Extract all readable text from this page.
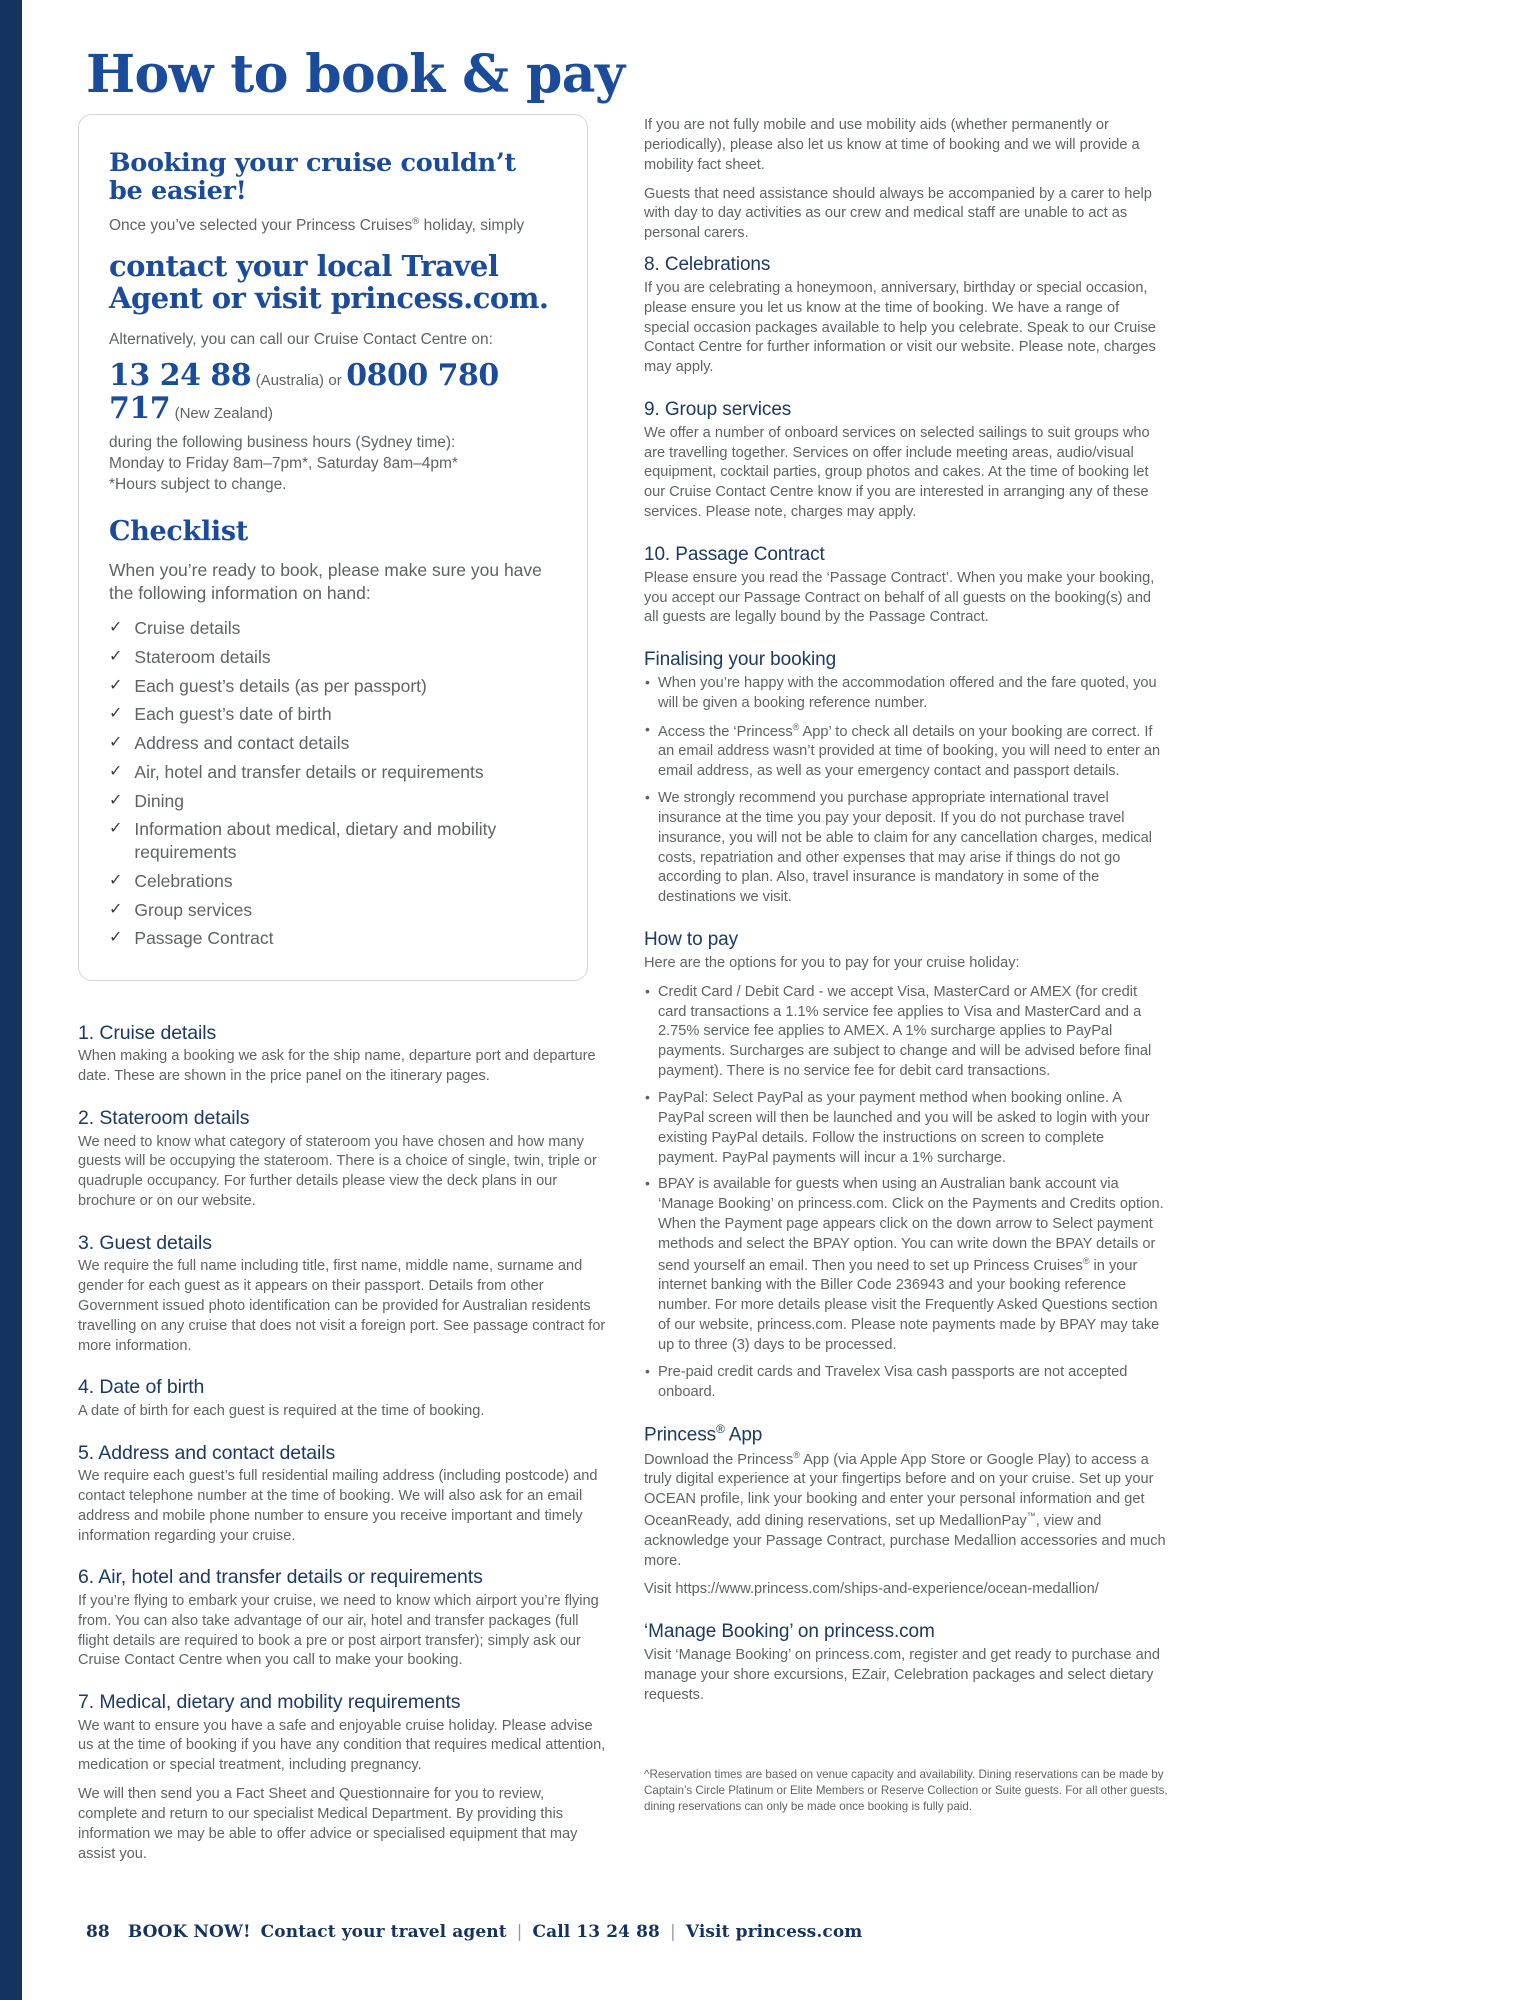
How to book & pay
Booking your cruise couldn’t be easier!

Once you’ve selected your Princess Cruises® holiday, simply

contact your local Travel Agent or visit princess.com.

Alternatively, you can call our Cruise Contact Centre on:

13 24 88 (Australia) or 0800 780 717 (New Zealand)
during the following business hours (Sydney time):
Monday to Friday 8am–7pm*, Saturday 8am–4pm*
*Hours subject to change.
Checklist

When you’re ready to book, please make sure you have the following information on hand:

✓ Cruise details
✓ Stateroom details
✓ Each guest’s details (as per passport)
✓ Each guest’s date of birth
✓ Address and contact details
✓ Air, hotel and transfer details or requirements
✓ Dining
✓ Information about medical, dietary and mobility requirements
✓ Celebrations
✓ Group services
✓ Passage Contract
1. Cruise details

When making a booking we ask for the ship name, departure port and departure date. These are shown in the price panel on the itinerary pages.

2. Stateroom details

We need to know what category of stateroom you have chosen and how many guests will be occupying the stateroom. There is a choice of single, twin, triple or quadruple occupancy. For further details please view the deck plans in our brochure or on our website.

3. Guest details

We require the full name including title, first name, middle name, surname and gender for each guest as it appears on their passport. Details from other Government issued photo identification can be provided for Australian residents travelling on any cruise that does not visit a foreign port. See passage contract for more information.

4. Date of birth

A date of birth for each guest is required at the time of booking.

5. Address and contact details

We require each guest’s full residential mailing address (including postcode) and contact telephone number at the time of booking. We will also ask for an email address and mobile phone number to ensure you receive important and timely information regarding your cruise.

6. Air, hotel and transfer details or requirements

If you’re flying to embark your cruise, we need to know which airport you’re flying from. You can also take advantage of our air, hotel and transfer packages (full flight details are required to book a pre or post airport transfer); simply ask our Cruise Contact Centre when you call to make your booking.

7. Medical, dietary and mobility requirements

We want to ensure you have a safe and enjoyable cruise holiday. Please advise us at the time of booking if you have any condition that requires medical attention, medication or special treatment, including pregnancy.

We will then send you a Fact Sheet and Questionnaire for you to review, complete and return to our specialist Medical Department. By providing this information we may be able to offer advice or specialised equipment that may assist you.

If you are not fully mobile and use mobility aids (whether permanently or periodically), please also let us know at time of booking and we will provide a mobility fact sheet.

Guests that need assistance should always be accompanied by a carer to help with day to day activities as our crew and medical staff are unable to act as personal carers.

8. Celebrations

If you are celebrating a honeymoon, anniversary, birthday or special occasion, please ensure you let us know at the time of booking. We have a range of special occasion packages available to help you celebrate. Speak to our Cruise Contact Centre for further information or visit our website. Please note, charges may apply.

9. Group services

We offer a number of onboard services on selected sailings to suit groups who are travelling together. Services on offer include meeting areas, audio/visual equipment, cocktail parties, group photos and cakes. At the time of booking let our Cruise Contact Centre know if you are interested in arranging any of these services. Please note, charges may apply.

10. Passage Contract

Please ensure you read the ‘Passage Contract’. When you make your booking, you accept our Passage Contract on behalf of all guests on the booking(s) and all guests are legally bound by the Passage Contract.

Finalising your booking
• When you’re happy with the accommodation offered and the fare quoted, you will be given a booking reference number.
• Access the ‘Princess® App’ to check all details on your booking are correct. If an email address wasn’t provided at time of booking, you will need to enter an email address, as well as your emergency contact and passport details.
• We strongly recommend you purchase appropriate international travel insurance at the time you pay your deposit. If you do not purchase travel insurance, you will not be able to claim for any cancellation charges, medical costs, repatriation and other expenses that may arise if things do not go according to plan. Also, travel insurance is mandatory in some of the destinations we visit.
How to pay

Here are the options for you to pay for your cruise holiday:

• Credit Card / Debit Card - we accept Visa, MasterCard or AMEX (for credit card transactions a 1.1% service fee applies to Visa and MasterCard and a 2.75% service fee applies to AMEX. A 1% surcharge applies to PayPal payments. Surcharges are subject to change and will be advised before final payment). There is no service fee for debit card transactions.
• PayPal: Select PayPal as your payment method when booking online. A PayPal screen will then be launched and you will be asked to login with your existing PayPal details. Follow the instructions on screen to complete payment. PayPal payments will incur a 1% surcharge.
• BPAY is available for guests when using an Australian bank account via ‘Manage Booking’ on princess.com. Click on the Payments and Credits option. When the Payment page appears click on the down arrow to Select payment methods and select the BPAY option. You can write down the BPAY details or send yourself an email. Then you need to set up Princess Cruises® in your internet banking with the Biller Code 236943 and your booking reference number. For more details please visit the Frequently Asked Questions section of our website, princess.com. Please note payments made by BPAY may take up to three (3) days to be processed.
• Pre-paid credit cards and Travelex Visa cash passports are not accepted onboard.
Princess® App

Download the Princess® App (via Apple App Store or Google Play) to access a truly digital experience at your fingertips before and on your cruise. Set up your OCEAN profile, link your booking and enter your personal information and get OceanReady, add dining reservations, set up MedallionPay™, view and acknowledge your Passage Contract, purchase Medallion accessories and much more.

Visit https://www.princess.com/ships-and-experience/ocean-medallion/

‘Manage Booking’ on princess.com

Visit ‘Manage Booking’ on princess.com, register and get ready to purchase and manage your shore excursions, EZair, Celebration packages and select dietary requests.

^Reservation times are based on venue capacity and availability. Dining reservations can be made by Captain’s Circle Platinum or Elite Members or Reserve Collection or Suite guests. For all other guests, dining reservations can only be made once booking is fully paid.
88 BOOK NOW! Contact your travel agent | Call 13 24 88 | Visit princess.com
